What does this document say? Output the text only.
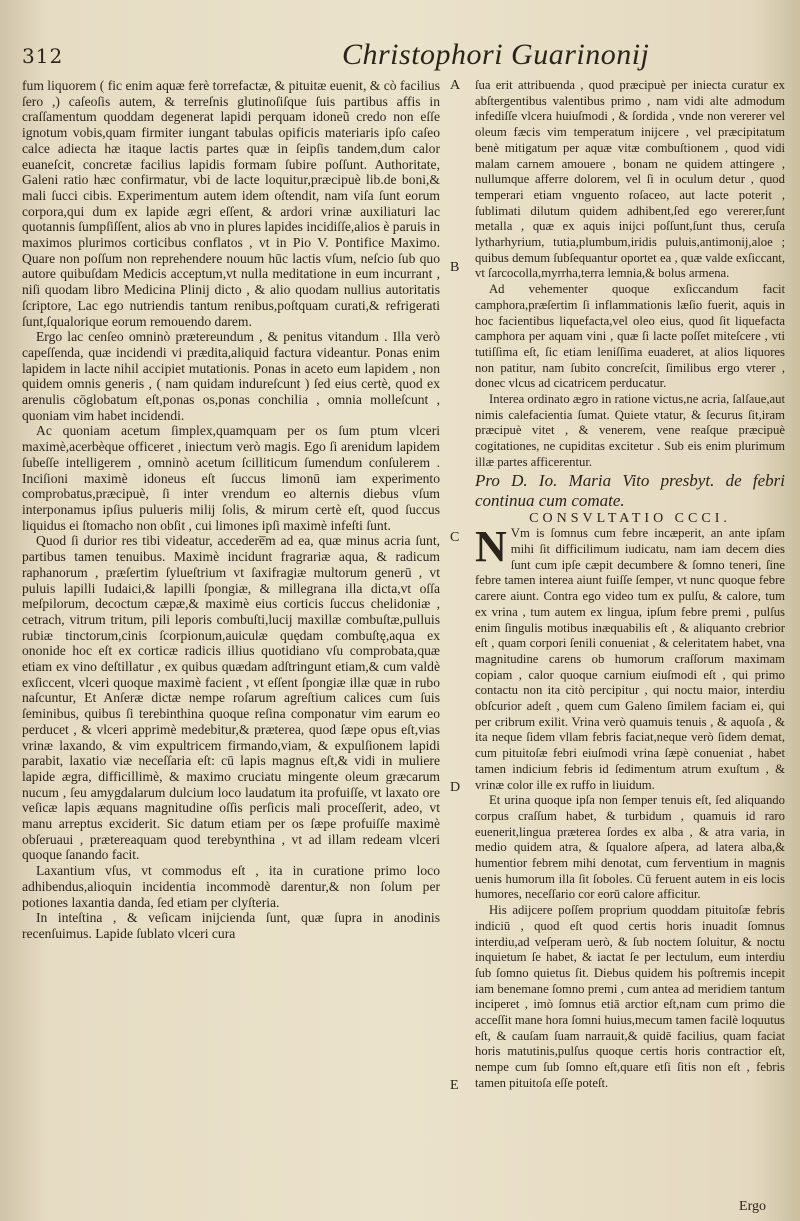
312	Christophori Guarinonij

fum liquorem ( fic enim aquæ ferè torrefactæ, & pituitæ euenit, & cò facilius ſero ,) caſeoſis autem, & terreſnis glutinoſiſque ſuis partibus affis in craſſamentum quoddam degenerat lapidi perquam idoneũ credo non eſſe ignotum vobis,quam firmiter iungant tabulas opificis materiaris ipſo caſeo calce adiecta hæ itaque lactis partes quæ in ſeipſis tandem,dum calor euaneſcit, concretæ facilius lapidis formam ſubire poſſunt. Authoritate, Galeni ratio hæc confirmatur, vbi de lacte loquitur,præcipuè lib.de boni,& mali ſucci cibis. Experimentum autem idem oſtendit, nam viſa ſunt eorum corpora,qui dum ex lapide ægri eſſent, & ardori vrinæ auxiliaturi lac quotannis ſumpſiſſent, alios ab vno in plures lapides incidiſſe,alios è paruis in maximos plurimos corticibus conflatos , vt in Pio V. Pontifice Maximo. Quare non poſſum non reprehendere nouum hūc lactis vſum, neſcio ſub quo autore quibuſdam Medicis acceptum,vt nulla meditatione in eum incurrant , niſi quodam libro Medicina Plinij dicto , & alio quodam nullius autoritatis ſcriptore, Lac ego nutriendis tantum renibus,poſtquam curati,& refrigerati ſunt,ſqualorique eorum remouendo darem.

Ergo lac cenſeo omninò prætereundum , & penitus vitandum . Illa verò capeſſenda, quæ incidendi vi prædita,aliquid factura videantur. Ponas enim lapidem in lacte nihil accipiet mutationis. Ponas in aceto eum lapidem , non quidem omnis generis , ( nam quidam indureſcunt ) ſed eius certè, quod ex arenulis cōglobatum eſt,ponas os,ponas conchilia , omnia molleſcunt , quoniam vim habet incidendi.

Ac quoniam acetum ſimplex,quamquam per os ſum ptum vlceri maximè,acerbèque officeret , iniectum verò magis. Ego ſi arenidum lapidem ſubeſſe intelligerem , omninò acetum ſcilliticum ſumendum conſulerem . Inciſioni maximè idoneus eſt ſuccus limonū iam experimento comprobatus,præcipuè, ſi inter vrendum eo alternis diebus vſum interponamus ipſius pulueris milij ſolis, & mirum certè eſt, quod ſuccus liquidus ei ſtomacho non obſit , cui limones ipſi maximè infeſti ſunt.

Quod ſi durior res tibi videatur, accedere̅m ad ea, quæ minus acria ſunt, partibus tamen tenuibus. Maximè incidunt fragrariæ aqua, & radicum raphanorum , præſertim ſylueſtrium vt ſaxifragiæ multorum generū , vt puluis lapilli Iudaici,& lapilli ſpongiæ, & millegrana illa dicta,vt oſſa meſpilorum, decoctum cæpæ,& maximè eius corticis ſuccus chelidoniæ , cetrach, vitrum tritum, pili leporis combuſti,lucij maxillæ combuſtæ,pulluis rubiæ tinctorum,cinis ſcorpionum,auiculæ quędam combuſtę,aqua ex ononide hoc eſt ex corticæ radicis illius quotidiano vſu comprobata,quæ etiam ex vino deſtillatur , ex quibus quædam adſtringunt etiam,& cum valdè exſiccent, vlceri quoque maximè facient , vt eſſent ſpongiæ illæ quæ in rubo naſcuntur, Et Anſeræ dictæ nempe roſarum agreſtium calices cum ſuis ſeminibus, quibus ſi terebinthina quoque reſina componatur vim earum eo perducet , & vlceri apprimè medebitur,& præterea, quod ſæpe opus eſt,vias vrinæ laxando, & vim expultricem firmando,viam, & expulſionem lapidi parabit, laxatio viæ neceſſaria eſt: cū lapis magnus eſt,& vidi in muliere lapide ægra, difficillimè, & maximo cruciatu mingente oleum græcarum nucum , ſeu amygdalarum dulcium loco laudatum ita profuiſſe, vt laxato ore veſicæ lapis æquans magnitudine oſſis perſicis mali proceſſerit, adeo, vt manu arreptus exciderit. Sic datum etiam per os ſæpe profuiſſe maximè obſeruaui , prætereaquam quod terebynthina , vt ad illam redeam vlceri quoque ſanando facit.

Laxantium vſus, vt commodus eſt , ita in curatione primo loco adhibendus,alioquin incidentia incommodè darentur,& non ſolum per potiones laxantia danda, ſed etiam per clyſteria.

In inteſtina , & veſicam inijcienda ſunt, quæ ſupra in anodinis recenſuimus. Lapide ſublato vlceri cura

A
B
C
D
E

ſua erit attribuenda , quod præcipuè per iniecta curatur ex abſtergentibus valentibus primo , nam vidi alte admodum infediſſe vlcera huiuſmodi , & ſordida , vnde non vererer vel oleum fæcis vim temperatum inijcere , vel præcipitatum benè mitigatum per aquæ vitæ combuſtionem , quod vidi malam carnem amouere , bonam ne quidem attingere , nullumque afferre dolorem, vel ſi in oculum detur , quod temperari etiam vnguento roſaceo, aut lacte poterit , ſublimati dilutum quidem adhibent,ſed ego vererer,ſunt metalla , quæ ex aquis inijci poſſunt,ſunt thus, ceruſa lytharhyrium, tutia,plumbum,iridis puluis,antimonij,aloe ; quibus demum ſubſequantur oportet ea , quæ valde exſiccant, vt ſarcocolla,myrrha,terra lemnia,& bolus armena.

Ad vehementer quoque exſiccandum facit camphora,præſertim ſi inflammationis læſio fuerit, aquis in hoc facientibus liquefacta,vel oleo eius, quod ſit liquefacta camphora per aquam vini , quæ ſi lacte poſſet miteſcere , vti tutiſſima eſt, ſic etiam leniſſima euaderet, at alios liquores non patitur, nam ſubito concreſcit, ſimilibus ergo vterer , donec vlcus ad cicatricem perducatur.

Interea ordinato ægro in ratione victus,ne acria, ſalſaue,aut nimis calefacientia ſumat. Quiete vtatur, & ſecurus ſit,iram præcipuè vitet , & venerem, vene reaſque præcipuè cogitationes, ne cupiditas excitetur . Sub eis enim plurimum illæ partes afficerentur.

Pro D. Io. Maria Vito presbyt. de febri continua cum comate.

CONSVLTATIO CCCI.

N Vm is ſomnus cum febre incæperit, an ante ipſam mihi ſit difficilimum iudicatu, nam iam decem dies ſunt cum ipſe cæpit decumbere & ſomno teneri, ſine febre tamen interea aiunt fuiſſe ſemper, vt nunc quoque febre carere aiunt. Contra ego video tum ex pulſu, & calore, tum ex vrina , tum autem ex lingua, ipſum febre premi , pulſus enim ſingulis motibus inæquabilis eſt , & aliquanto crebrior eſt , quam corpori ſenili conueniat , & celeritatem habet, vna magnitudine carens ob humorum craſſorum maximam copiam , calor quoque carnium eiuſmodi eſt , qui primo contactu non ita citò percipitur , qui noctu maior, interdiu obſcurior adeſt , quem cum Galeno ſimilem faciam ei, qui per cribrum exilit. Vrina verò quamuis tenuis , & aquoſa , & ita neque ſidem vllam febris faciat,neque verò ſidem demat, cum pituitoſæ febri eiuſmodi vrina ſæpè conueniat , habet tamen indicium febris id ſedimentum atrum exuſtum , & vrinæ color ille ex ruffo in liuidum.

Et urina quoque ipſa non ſemper tenuis eſt, ſed aliquando corpus craſſum habet, & turbidum , quamuis id raro euenerit,lingua præterea ſordes ex alba , & atra varia, in medio quidem atra, & ſqualore aſpera, ad latera alba,& humentior febrem mihi denotat, cum ferventium in magnis uenis humorum illa ſit ſoboles. Cū feruent autem in eis locis humores, neceſſario cor eorū calore afficitur.

His adijcere poſſem proprium quoddam pituitoſæ febris indiciū , quod eſt quod certis horis inuadit ſomnus interdiu,ad veſperam uerò, & ſub noctem ſoluitur, & noctu inquietum ſe habet, & iactat ſe per lectulum, eum interdiu ſub ſomno quietus ſit. Diebus quidem his poſtremis incepit iam benemane ſomno premi , cum antea ad meridiem tantum inciperet , imò ſomnus etiā arctior eſt,nam cum primo die acceſſit mane hora ſomni huius,mecum tamen facilè loquutus eſt, & cauſam ſuam narrauit,& quidē facilius, quam faciat horis matutinis,pulſus quoque certis horis contractior eſt, nempe cum ſub ſomno eſt,quare etſi ſitis non eſt , febris tamen pituitoſa eſſe poteſt.

Ergo
